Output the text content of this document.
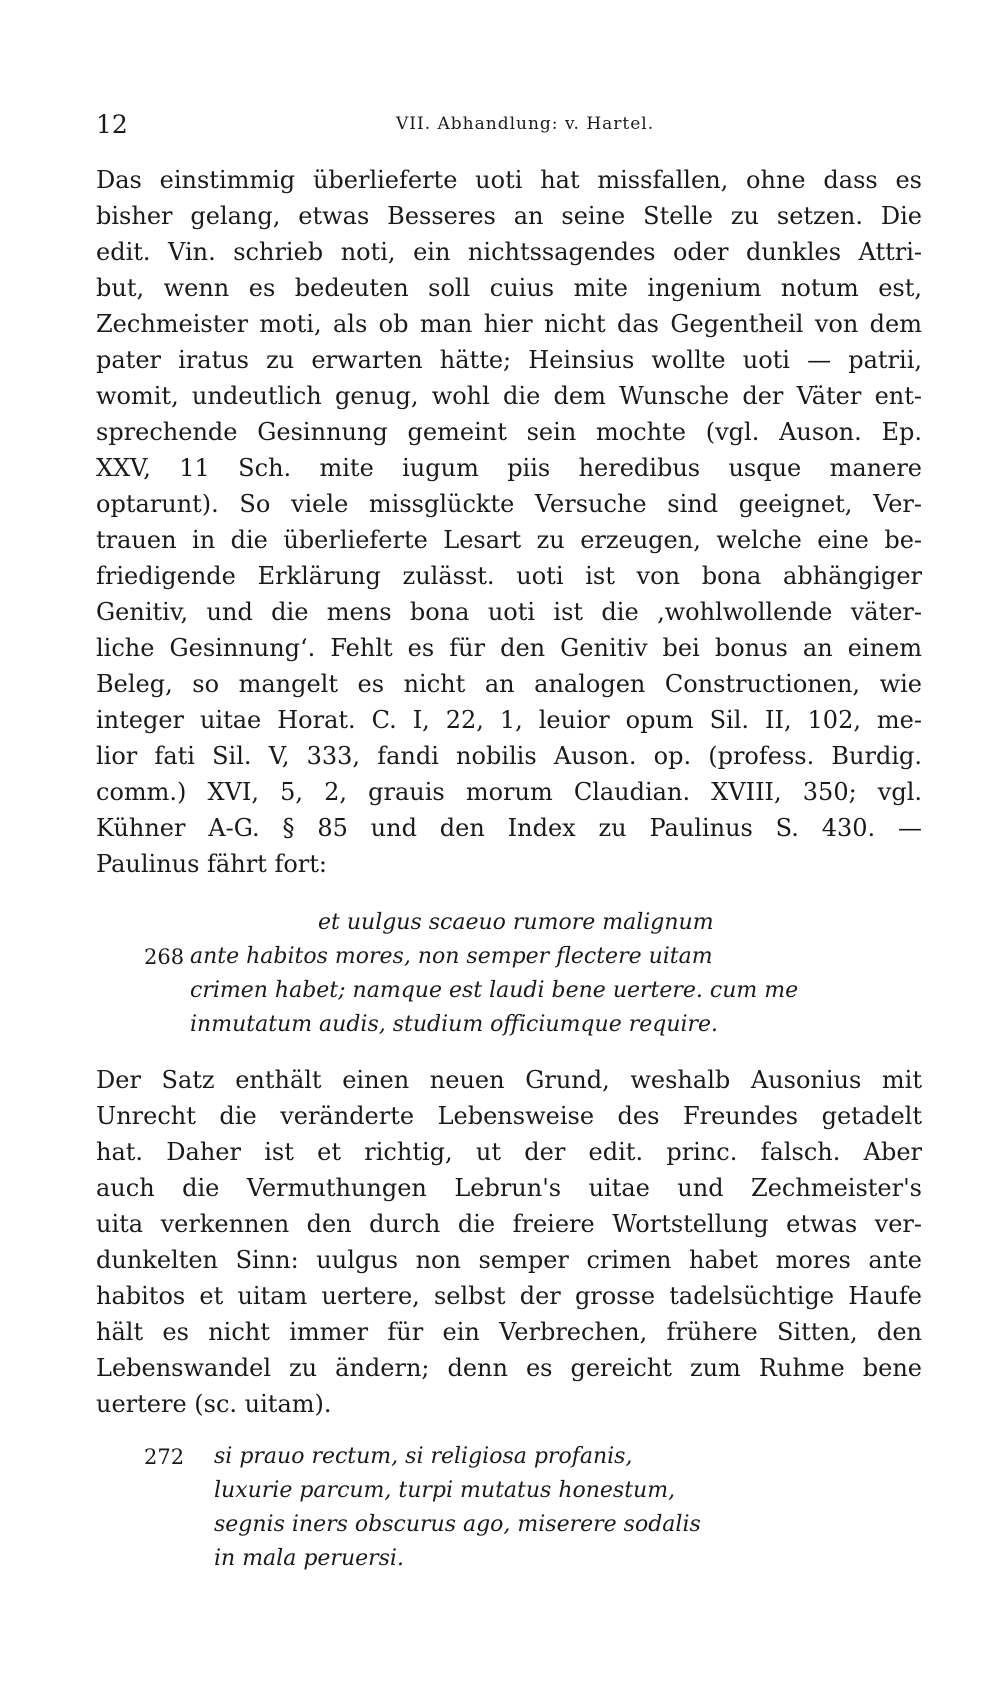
12	VII. Abhandlung: v. Hartel.
Das einstimmig überlieferte uoti hat missfallen, ohne dass es
bisher gelang, etwas Besseres an seine Stelle zu setzen. Die
edit. Vin. schrieb noti, ein nichtssagendes oder dunkles Attri-
but, wenn es bedeuten soll cuius mite ingenium notum est,
Zechmeister moti, als ob man hier nicht das Gegentheil von dem
pater iratus zu erwarten hätte; Heinsius wollte uoti — patrii,
womit, undeutlich genug, wohl die dem Wunsche der Väter ent-
sprechende Gesinnung gemeint sein mochte (vgl. Auson. Ep.
XXV, 11 Sch. mite iugum piis heredibus usque manere
optarunt). So viele missglückte Versuche sind geeignet, Ver-
trauen in die überlieferte Lesart zu erzeugen, welche eine be-
friedigende Erklärung zulässt. uoti ist von bona abhängiger
Genitiv, und die mens bona uoti ist die ‚wohlwollende väter-
liche Gesinnung‘. Fehlt es für den Genitiv bei bonus an einem
Beleg, so mangelt es nicht an analogen Constructionen, wie
integer uitae Horat. C. I, 22, 1, leuior opum Sil. II, 102, me-
lior fati Sil. V, 333, fandi nobilis Auson. op. (profess. Burdig.
comm.) XVI, 5, 2, grauis morum Claudian. XVIII, 350; vgl.
Kühner A-G. § 85 und den Index zu Paulinus S. 430. —
Paulinus fährt fort:
et uulgus scaeuo rumore malignum
268 ante habitos mores, non semper flectere uitam
crimen habet; namque est laudi bene uertere. cum me
inmutatum audis, studium officiumque require.
Der Satz enthält einen neuen Grund, weshalb Ausonius mit
Unrecht die veränderte Lebensweise des Freundes getadelt
hat. Daher ist et richtig, ut der edit. princ. falsch. Aber
auch die Vermuthungen Lebrun's uitae und Zechmeister's
uita verkennen den durch die freiere Wortstellung etwas ver-
dunkelten Sinn: uulgus non semper crimen habet mores ante
habitos et uitam uertere, selbst der grosse tadelsüchtige Haufe
hält es nicht immer für ein Verbrechen, frühere Sitten, den
Lebenswandel zu ändern; denn es gereicht zum Ruhme bene
uertere (sc. uitam).
272 si prauo rectum, si religiosa profanis,
luxurie parcum, turpi mutatus honestum,
segnis iners obscurus ago, miserere sodalis
in mala peruersi.
